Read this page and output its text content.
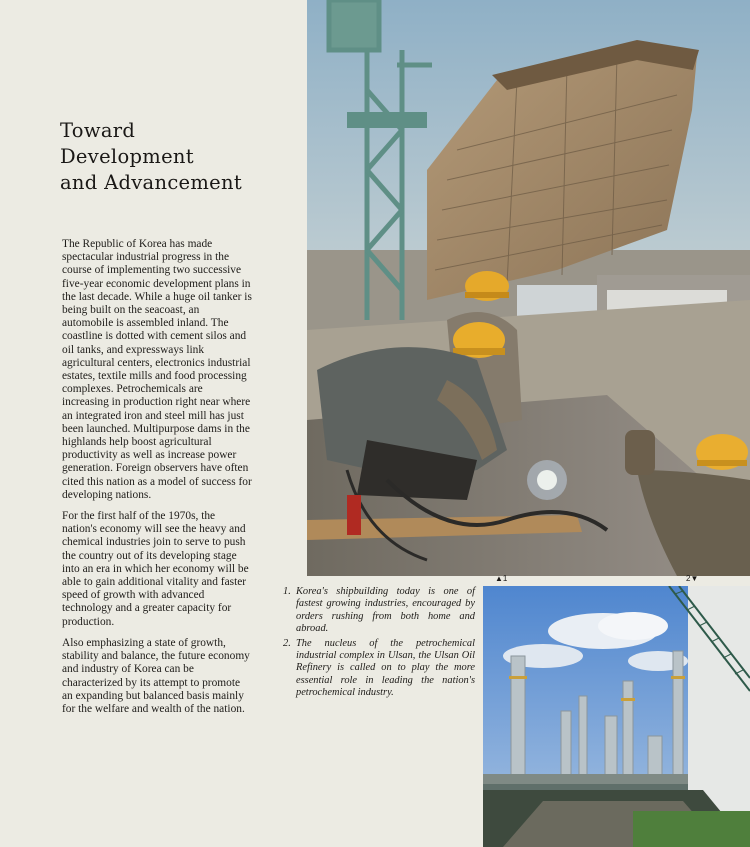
Toward
Development
and Advancement

The Republic of Korea has made spectacular industrial progress in the course of implementing two successive five-year economic development plans in the last decade. While a huge oil tanker is being built on the seacoast, an automobile is assembled inland. The coastline is dotted with cement silos and oil tanks, and expressways link agricultural centers, electronics industrial estates, textile mills and food processing complexes. Petrochemicals are increasing in production right near where an integrated iron and steel mill has just been launched. Multipurpose dams in the highlands help boost agricultural productivity as well as increase power generation. Foreign observers have often cited this nation as a model of success for developing nations.

For the first half of the 1970s, the nation's economy will see the heavy and chemical industries join to serve to push the country out of its developing stage into an era in which her economy will be able to gain additional vitality and faster speed of growth with advanced technology and a greater capacity for production.

Also emphasizing a state of growth, stability and balance, the future economy and industry of Korea can be characterized by its attempt to promote an expanding but balanced basis mainly for the welfare and wealth of the nation.

▲1	2▼
1. Korea's shipbuilding today is one of fastest growing industries, encouraged by orders rushing from both home and abroad.
2. The nucleus of the petrochemical industrial complex in Ulsan, the Ulsan Oil Refinery is called on to play the more essential role in leading the nation's petrochemical industry.
